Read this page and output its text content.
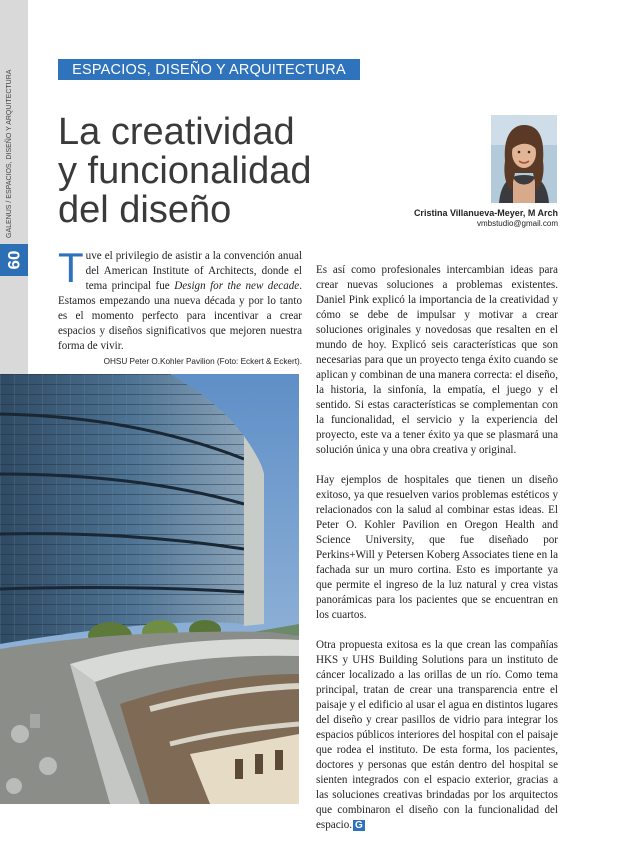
GALENUS / ESPACIOS, DISEÑO Y ARQUITECTURA
60
ESPACIOS, DISEÑO Y ARQUITECTURA
La creatividad
y funcionalidad
del diseño	Cristina Villanueva-Meyer, M Arch
vmbstudio@gmail.com
Tuve el privilegio de asistir a la convención anual del American Institute of Architects, donde el tema principal fue Design for the new decade. Estamos empezando una nueva década y por lo tanto es el momento perfecto para incentivar a crear espacios y diseños significativos que mejoren nuestra forma de vivir.
OHSU Peter O.Kohler Pavilion (Foto: Eckert & Eckert).

Es así como profesionales intercambian ideas para crear nuevas soluciones a problemas existentes. Daniel Pink explicó la importancia de la creatividad y cómo se debe de impulsar y motivar a crear soluciones originales y novedosas que resalten en el mundo de hoy. Explicó seis características que son necesarias para que un proyecto tenga éxito cuando se aplican y combinan de una manera correcta: el diseño, la historia, la sinfonía, la empatía, el juego y el sentido. Si estas características se complementan con la funcionalidad, el servicio y la experiencia del proyecto, este va a tener éxito ya que se plasmará una solución única y una obra creativa y original.

Hay ejemplos de hospitales que tienen un diseño exitoso, ya que resuelven varios problemas estéticos y relacionados con la salud al combinar estas ideas. El Peter O. Kohler Pavilion en Oregon Health and Science University, que fue diseñado por Perkins+Will y Petersen Koberg Associates tiene en la fachada sur un muro cortina. Esto es importante ya que permite el ingreso de la luz natural y crea vistas panorámicas para los pacientes que se encuentran en los cuartos.

Otra propuesta exitosa es la que crean las compañías HKS y UHS Building Solutions para un instituto de cáncer localizado a las orillas de un río. Como tema principal, tratan de crear una transparencia entre el paisaje y el edificio al usar el agua en distintos lugares del diseño y crear pasillos de vidrio para integrar los espacios públicos interiores del hospital con el paisaje que rodea el instituto. De esta forma, los pacientes, doctores y personas que están dentro del hospital se sienten integrados con el espacio exterior, gracias a las soluciones creativas brindadas por los arquitectos que combinaron el diseño con la funcionalidad del espacio. G
